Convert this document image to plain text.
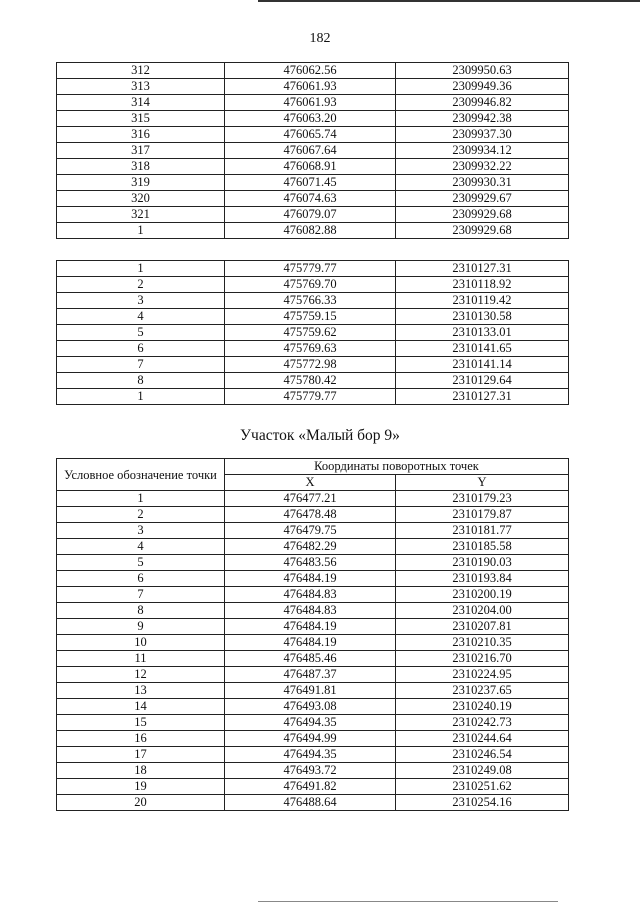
182
312	476062.56	2309950.63
313	476061.93	2309949.36
314	476061.93	2309946.82
315	476063.20	2309942.38
316	476065.74	2309937.30
317	476067.64	2309934.12
318	476068.91	2309932.22
319	476071.45	2309930.31
320	476074.63	2309929.67
321	476079.07	2309929.68
1	476082.88	2309929.68
1	475779.77	2310127.31
2	475769.70	2310118.92
3	475766.33	2310119.42
4	475759.15	2310130.58
5	475759.62	2310133.01
6	475769.63	2310141.65
7	475772.98	2310141.14
8	475780.42	2310129.64
1	475779.77	2310127.31
Участок «Малый бор 9»
Условное обозначение точки	Координаты поворотных точек	
	X	Y
1	476477.21	2310179.23
2	476478.48	2310179.87
3	476479.75	2310181.77
4	476482.29	2310185.58
5	476483.56	2310190.03
6	476484.19	2310193.84
7	476484.83	2310200.19
8	476484.83	2310204.00
9	476484.19	2310207.81
10	476484.19	2310210.35
11	476485.46	2310216.70
12	476487.37	2310224.95
13	476491.81	2310237.65
14	476493.08	2310240.19
15	476494.35	2310242.73
16	476494.99	2310244.64
17	476494.35	2310246.54
18	476493.72	2310249.08
19	476491.82	2310251.62
20	476488.64	2310254.16
